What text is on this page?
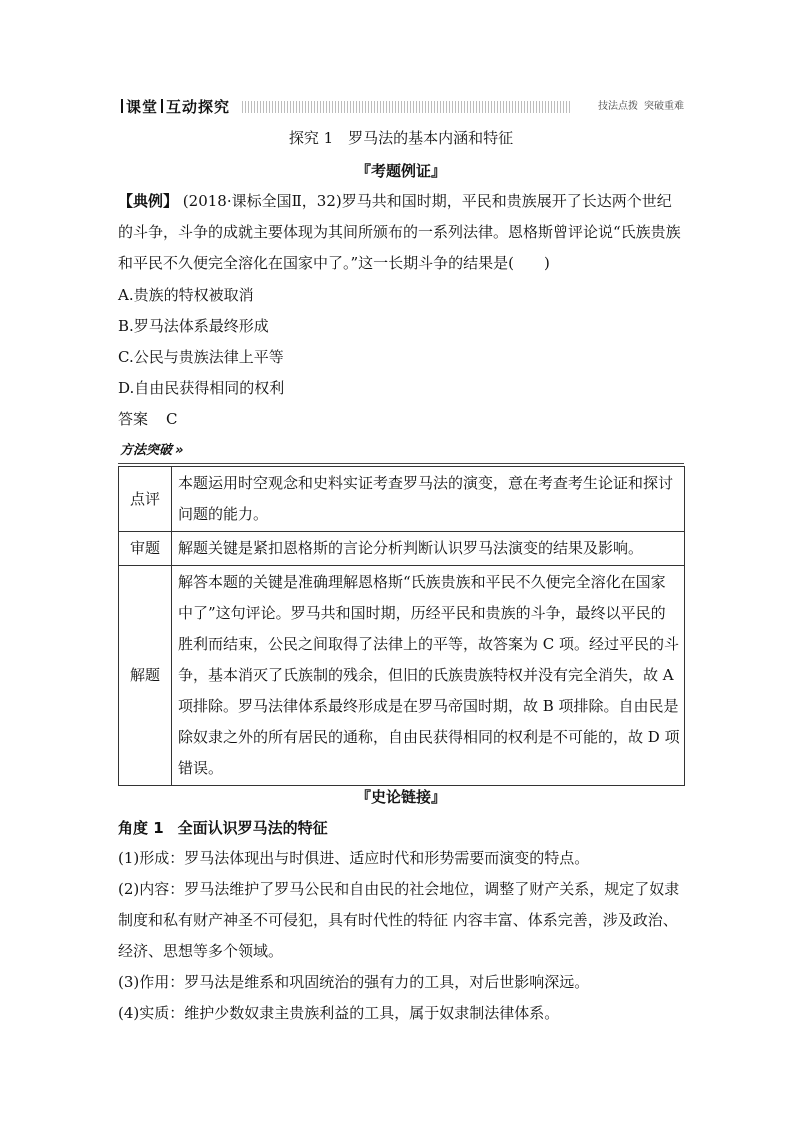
课堂 互动探究	技法点拨 突破重难
探究 1　罗马法的基本内涵和特征
『考题例证』
【典例】 (2018·课标全国Ⅱ，32)罗马共和国时期，平民和贵族展开了长达两个世纪的斗争，斗争的成就主要体现为其间所颁布的一系列法律。恩格斯曾评论说“氏族贵族和平民不久便完全溶化在国家中了。”这一长期斗争的结果是(　　)
A.贵族的特权被取消
B.罗马法体系最终形成
C.公民与贵族法律上平等
D.自由民获得相同的权利
答案 C
方法突破 »
点评	本题运用时空观念和史料实证考查罗马法的演变，意在考查考生论证和探讨问题的能力。
审题	解题关键是紧扣恩格斯的言论分析判断认识罗马法演变的结果及影响。
解题	解答本题的关键是准确理解恩格斯“氏族贵族和平民不久便完全溶化在国家中了”这句评论。罗马共和国时期，历经平民和贵族的斗争，最终以平民的胜利而结束，公民之间取得了法律上的平等，故答案为 C 项。经过平民的斗争，基本消灭了氏族制的残余，但旧的氏族贵族特权并没有完全消失，故 A 项排除。罗马法律体系最终形成是在罗马帝国时期，故 B 项排除。自由民是除奴隶之外的所有居民的通称，自由民获得相同的权利是不可能的，故 D 项错误。
『史论链接』
角度 1 全面认识罗马法的特征
(1)形成：罗马法体现出与时俱进、适应时代和形势需要而演变的特点。
(2)内容：罗马法维护了罗马公民和自由民的社会地位，调整了财产关系，规定了奴隶制度和私有财产神圣不可侵犯，具有时代性的特征 内容丰富、体系完善，涉及政治、经济、思想等多个领域。
(3)作用：罗马法是维系和巩固统治的强有力的工具，对后世影响深远。
(4)实质：维护少数奴隶主贵族利益的工具，属于奴隶制法律体系。
